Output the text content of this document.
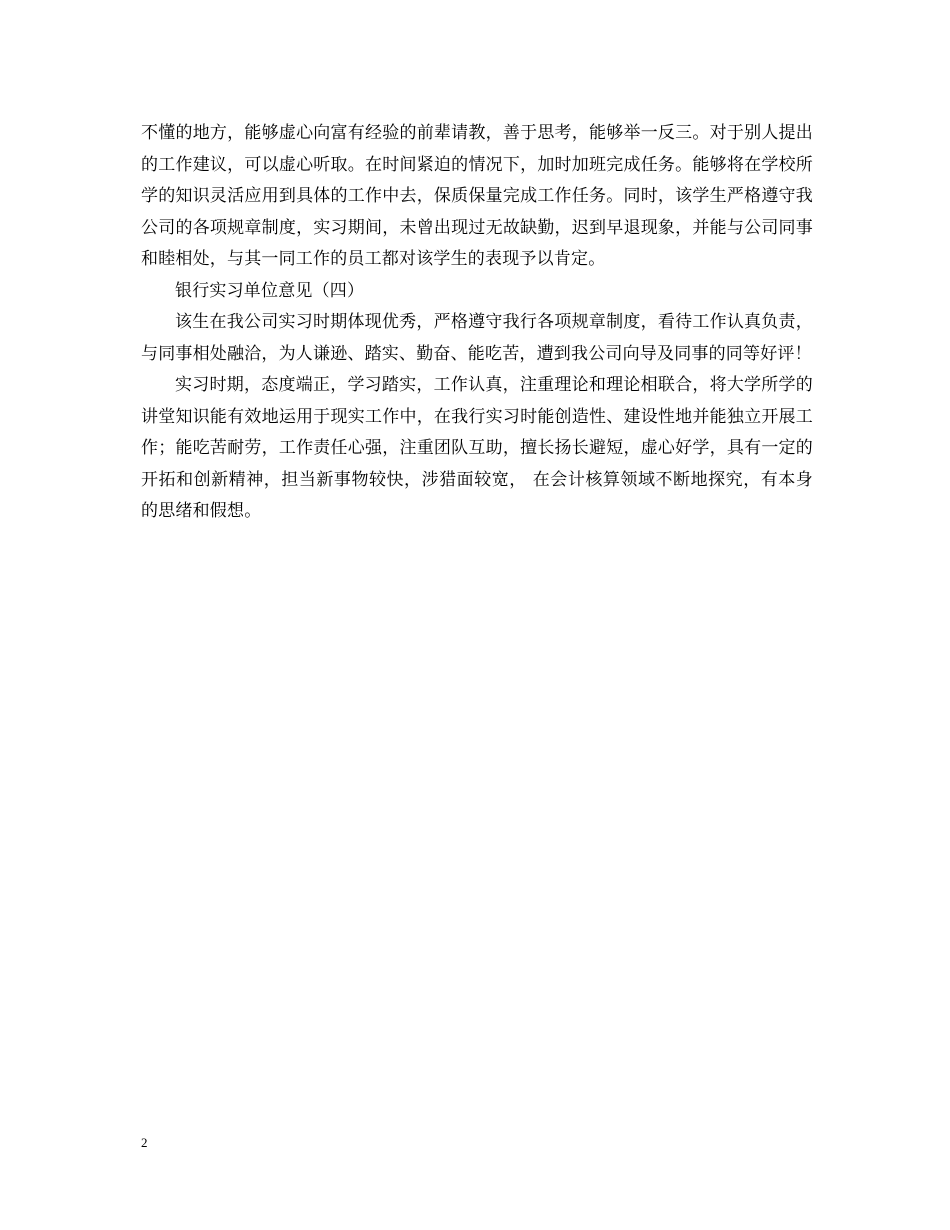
不懂的地方，能够虚心向富有经验的前辈请教，善于思考，能够举一反三。对于别人提出的工作建议，可以虚心听取。在时间紧迫的情况下，加时加班完成任务。能够将在学校所学的知识灵活应用到具体的工作中去，保质保量完成工作任务。同时，该学生严格遵守我公司的各项规章制度，实习期间，未曾出现过无故缺勤，迟到早退现象，并能与公司同事和睦相处，与其一同工作的员工都对该学生的表现予以肯定。

银行实习单位意见（四）

该生在我公司实习时期体现优秀，严格遵守我行各项规章制度，看待工作认真负责，与同事相处融洽，为人谦逊、踏实、勤奋、能吃苦，遭到我公司向导及同事的同等好评！

实习时期，态度端正，学习踏实，工作认真，注重理论和理论相联合，将大学所学的讲堂知识能有效地运用于现实工作中，在我行实习时能创造性、建设性地并能独立开展工作；能吃苦耐劳，工作责任心强，注重团队互助，擅长扬长避短，虚心好学，具有一定的开拓和创新精神，担当新事物较快，涉猎面较宽， 在会计核算领域不断地探究，有本身的思绪和假想。

2
